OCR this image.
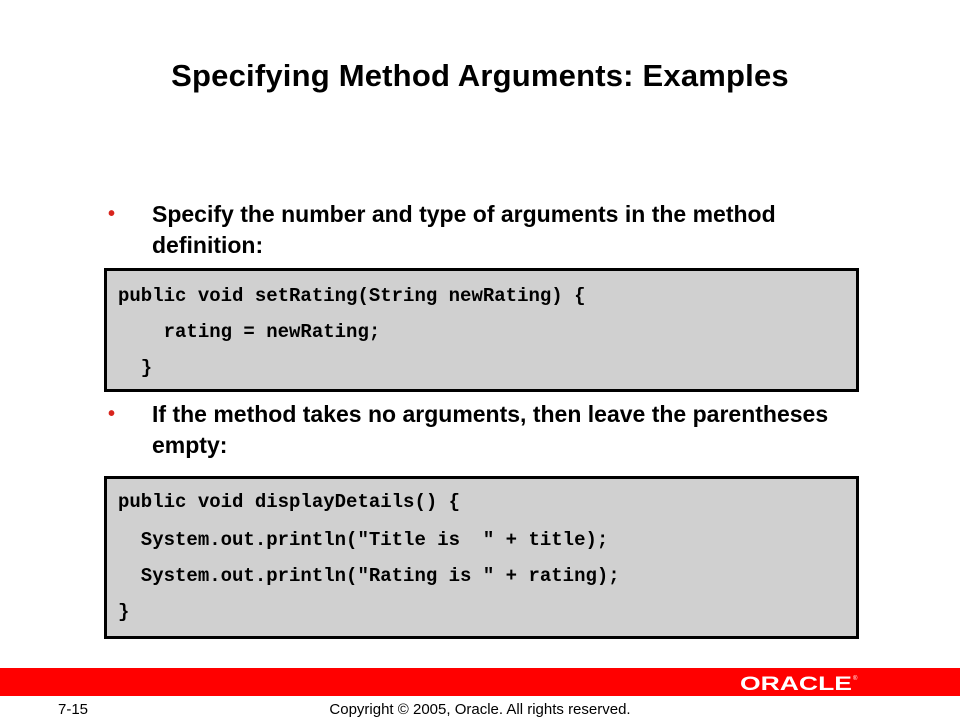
Specifying Method Arguments: Examples
• Specify the number and type of arguments in the method definition:

public void setRating(String newRating) {

rating = newRating;

}

• If the method takes no arguments, then leave the parentheses empty:

public void displayDetails() {

System.out.println("Title is  " + title);

System.out.println("Rating is " + rating);

}

ORACLE ®
7-15	Copyright © 2005, Oracle. All rights reserved.
